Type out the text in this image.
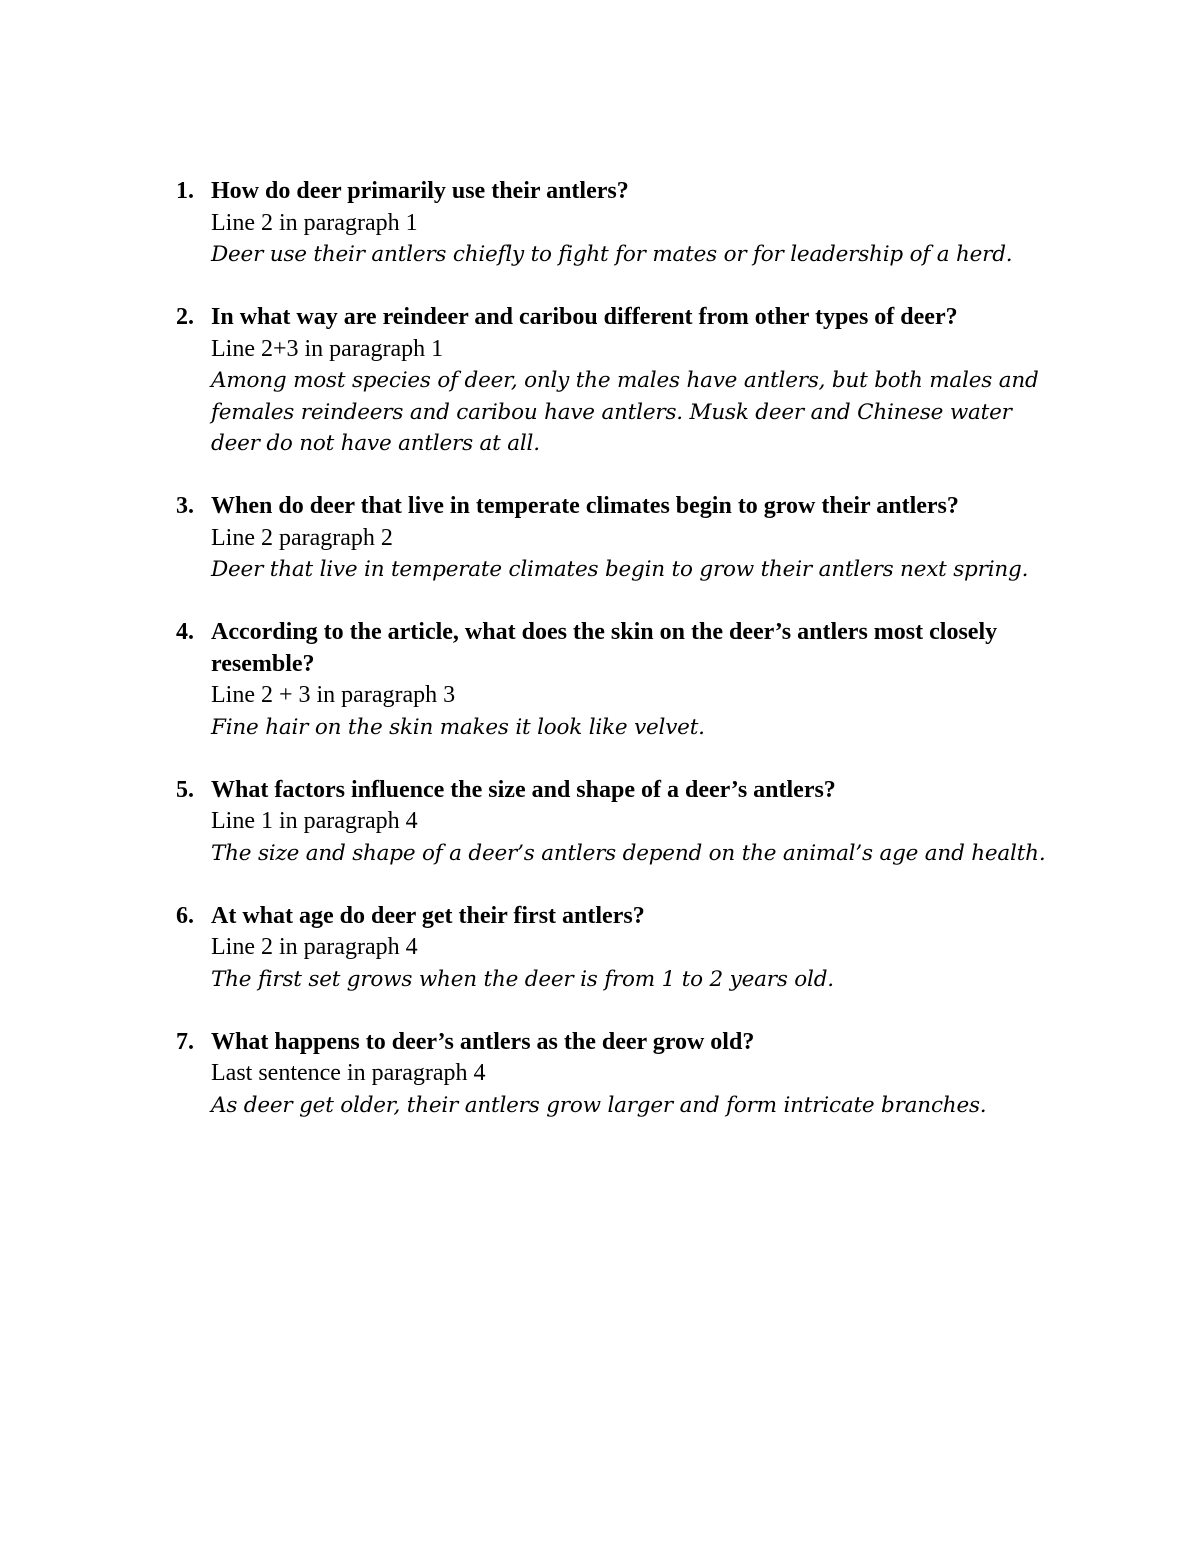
1. How do deer primarily use their antlers?
Line 2 in paragraph 1
Deer use their antlers chiefly to fight for mates or for leadership of a herd.
2. In what way are reindeer and caribou different from other types of deer?
Line 2+3 in paragraph 1
Among most species of deer, only the males have antlers, but both males and females reindeers and caribou have antlers. Musk deer and Chinese water deer do not have antlers at all.
3. When do deer that live in temperate climates begin to grow their antlers?
Line 2 paragraph 2
Deer that live in temperate climates begin to grow their antlers next spring.
4. According to the article, what does the skin on the deer’s antlers most closely resemble?
Line 2 + 3 in paragraph 3
Fine hair on the skin makes it look like velvet.
5. What factors influence the size and shape of a deer’s antlers?
Line 1 in paragraph 4
The size and shape of a deer’s antlers depend on the animal’s age and health.
6. At what age do deer get their first antlers?
Line 2 in paragraph 4
The first set grows when the deer is from 1 to 2 years old.
7. What happens to deer’s antlers as the deer grow old?
Last sentence in paragraph 4
As deer get older, their antlers grow larger and form intricate branches.
